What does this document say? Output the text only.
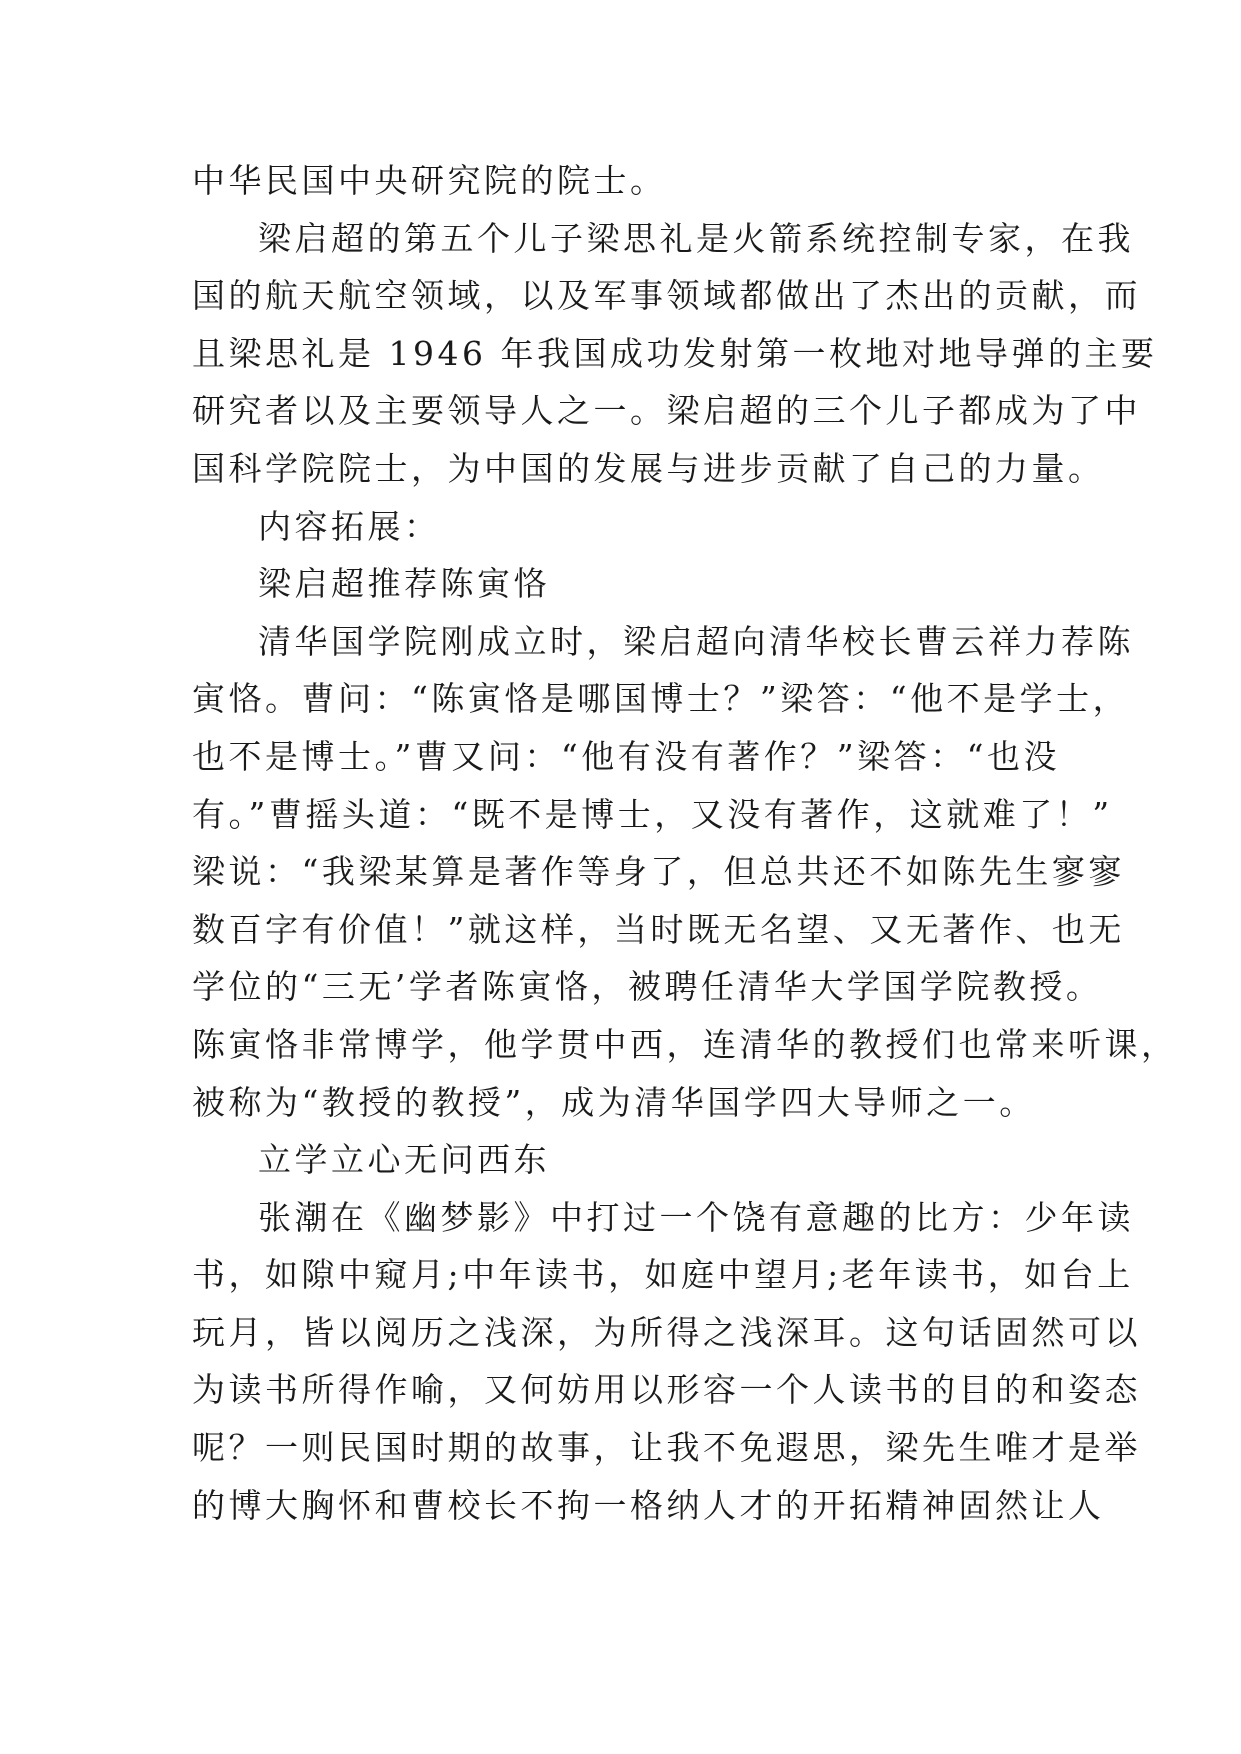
中华民国中央研究院的院士。
梁启超的第五个儿子梁思礼是火箭系统控制专家，在我
国的航天航空领域，以及军事领域都做出了杰出的贡献，而
且梁思礼是 1946 年我国成功发射第一枚地对地导弹的主要
研究者以及主要领导人之一。梁启超的三个儿子都成为了中
国科学院院士，为中国的发展与进步贡献了自己的力量。
内容拓展：
梁启超推荐陈寅恪
清华国学院刚成立时，梁启超向清华校长曹云祥力荐陈
寅恪。曹问：“陈寅恪是哪国博士？”梁答：“他不是学士，
也不是博士。”曹又问：“他有没有著作？”梁答：“也没
有。”曹摇头道：“既不是博士，又没有著作，这就难了！”
梁说：“我梁某算是著作等身了，但总共还不如陈先生寥寥
数百字有价值！”就这样，当时既无名望、又无著作、也无
学位的“三无’学者陈寅恪，被聘任清华大学国学院教授。
陈寅恪非常博学，他学贯中西，连清华的教授们也常来听课，
被称为“教授的教授”，成为清华国学四大导师之一。
立学立心无问西东
张潮在《幽梦影》中打过一个饶有意趣的比方：少年读
书，如隙中窥月;中年读书，如庭中望月;老年读书，如台上
玩月，皆以阅历之浅深，为所得之浅深耳。这句话固然可以
为读书所得作喻，又何妨用以形容一个人读书的目的和姿态
呢？一则民国时期的故事，让我不免遐思，梁先生唯才是举
的博大胸怀和曹校长不拘一格纳人才的开拓精神固然让人
